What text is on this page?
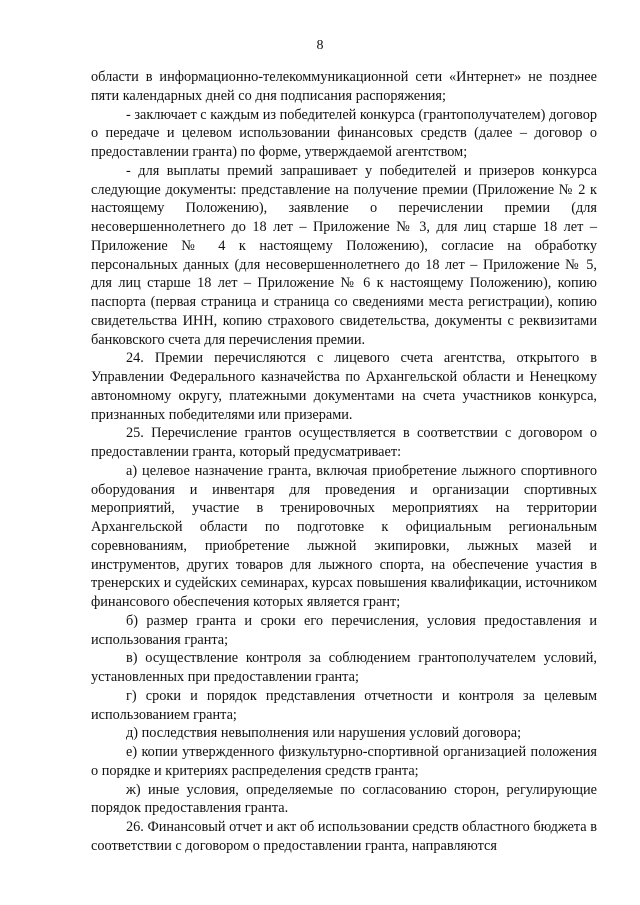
8

области в информационно-телекоммуникационной сети «Интернет» не позднее пяти календарных дней со дня подписания распоряжения;

- заключает с каждым из победителей конкурса (грантополучателем) договор о передаче и целевом использовании финансовых средств (далее – договор о предоставлении гранта) по форме, утверждаемой агентством;

- для выплаты премий запрашивает у победителей и призеров конкурса следующие документы: представление на получение премии (Приложение № 2 к настоящему Положению), заявление о перечислении премии (для несовершеннолетнего до 18 лет – Приложение № 3, для лиц старше 18 лет – Приложение № 4 к настоящему Положению), согласие на обработку персональных данных (для несовершеннолетнего до 18 лет – Приложение № 5, для лиц старше 18 лет – Приложение № 6 к настоящему Положению), копию паспорта (первая страница и страница со сведениями места регистрации), копию свидетельства ИНН, копию страхового свидетельства, документы с реквизитами банковского счета для перечисления премии.

24. Премии перечисляются с лицевого счета агентства, открытого в Управлении Федерального казначейства по Архангельской области и Ненецкому автономному округу, платежными документами на счета участников конкурса, признанных победителями или призерами.

25. Перечисление грантов осуществляется в соответствии с договором о предоставлении гранта, который предусматривает:

а) целевое назначение гранта, включая приобретение лыжного спортивного оборудования и инвентаря для проведения и организации спортивных мероприятий, участие в тренировочных мероприятиях на территории Архангельской области по подготовке к официальным региональным соревнованиям, приобретение лыжной экипировки, лыжных мазей и инструментов, других товаров для лыжного спорта, на обеспечение участия в тренерских и судейских семинарах, курсах повышения квалификации, источником финансового обеспечения которых является грант;

б) размер гранта и сроки его перечисления, условия предоставления и использования гранта;

в) осуществление контроля за соблюдением грантополучателем условий, установленных при предоставлении гранта;

г) сроки и порядок представления отчетности и контроля за целевым использованием гранта;

д) последствия невыполнения или нарушения условий договора;

е) копии утвержденного физкультурно-спортивной организацией положения о порядке и критериях распределения средств гранта;

ж) иные условия, определяемые по согласованию сторон, регулирующие порядок предоставления гранта.

26. Финансовый отчет и акт об использовании средств областного бюджета в соответствии с договором о предоставлении гранта, направляются
